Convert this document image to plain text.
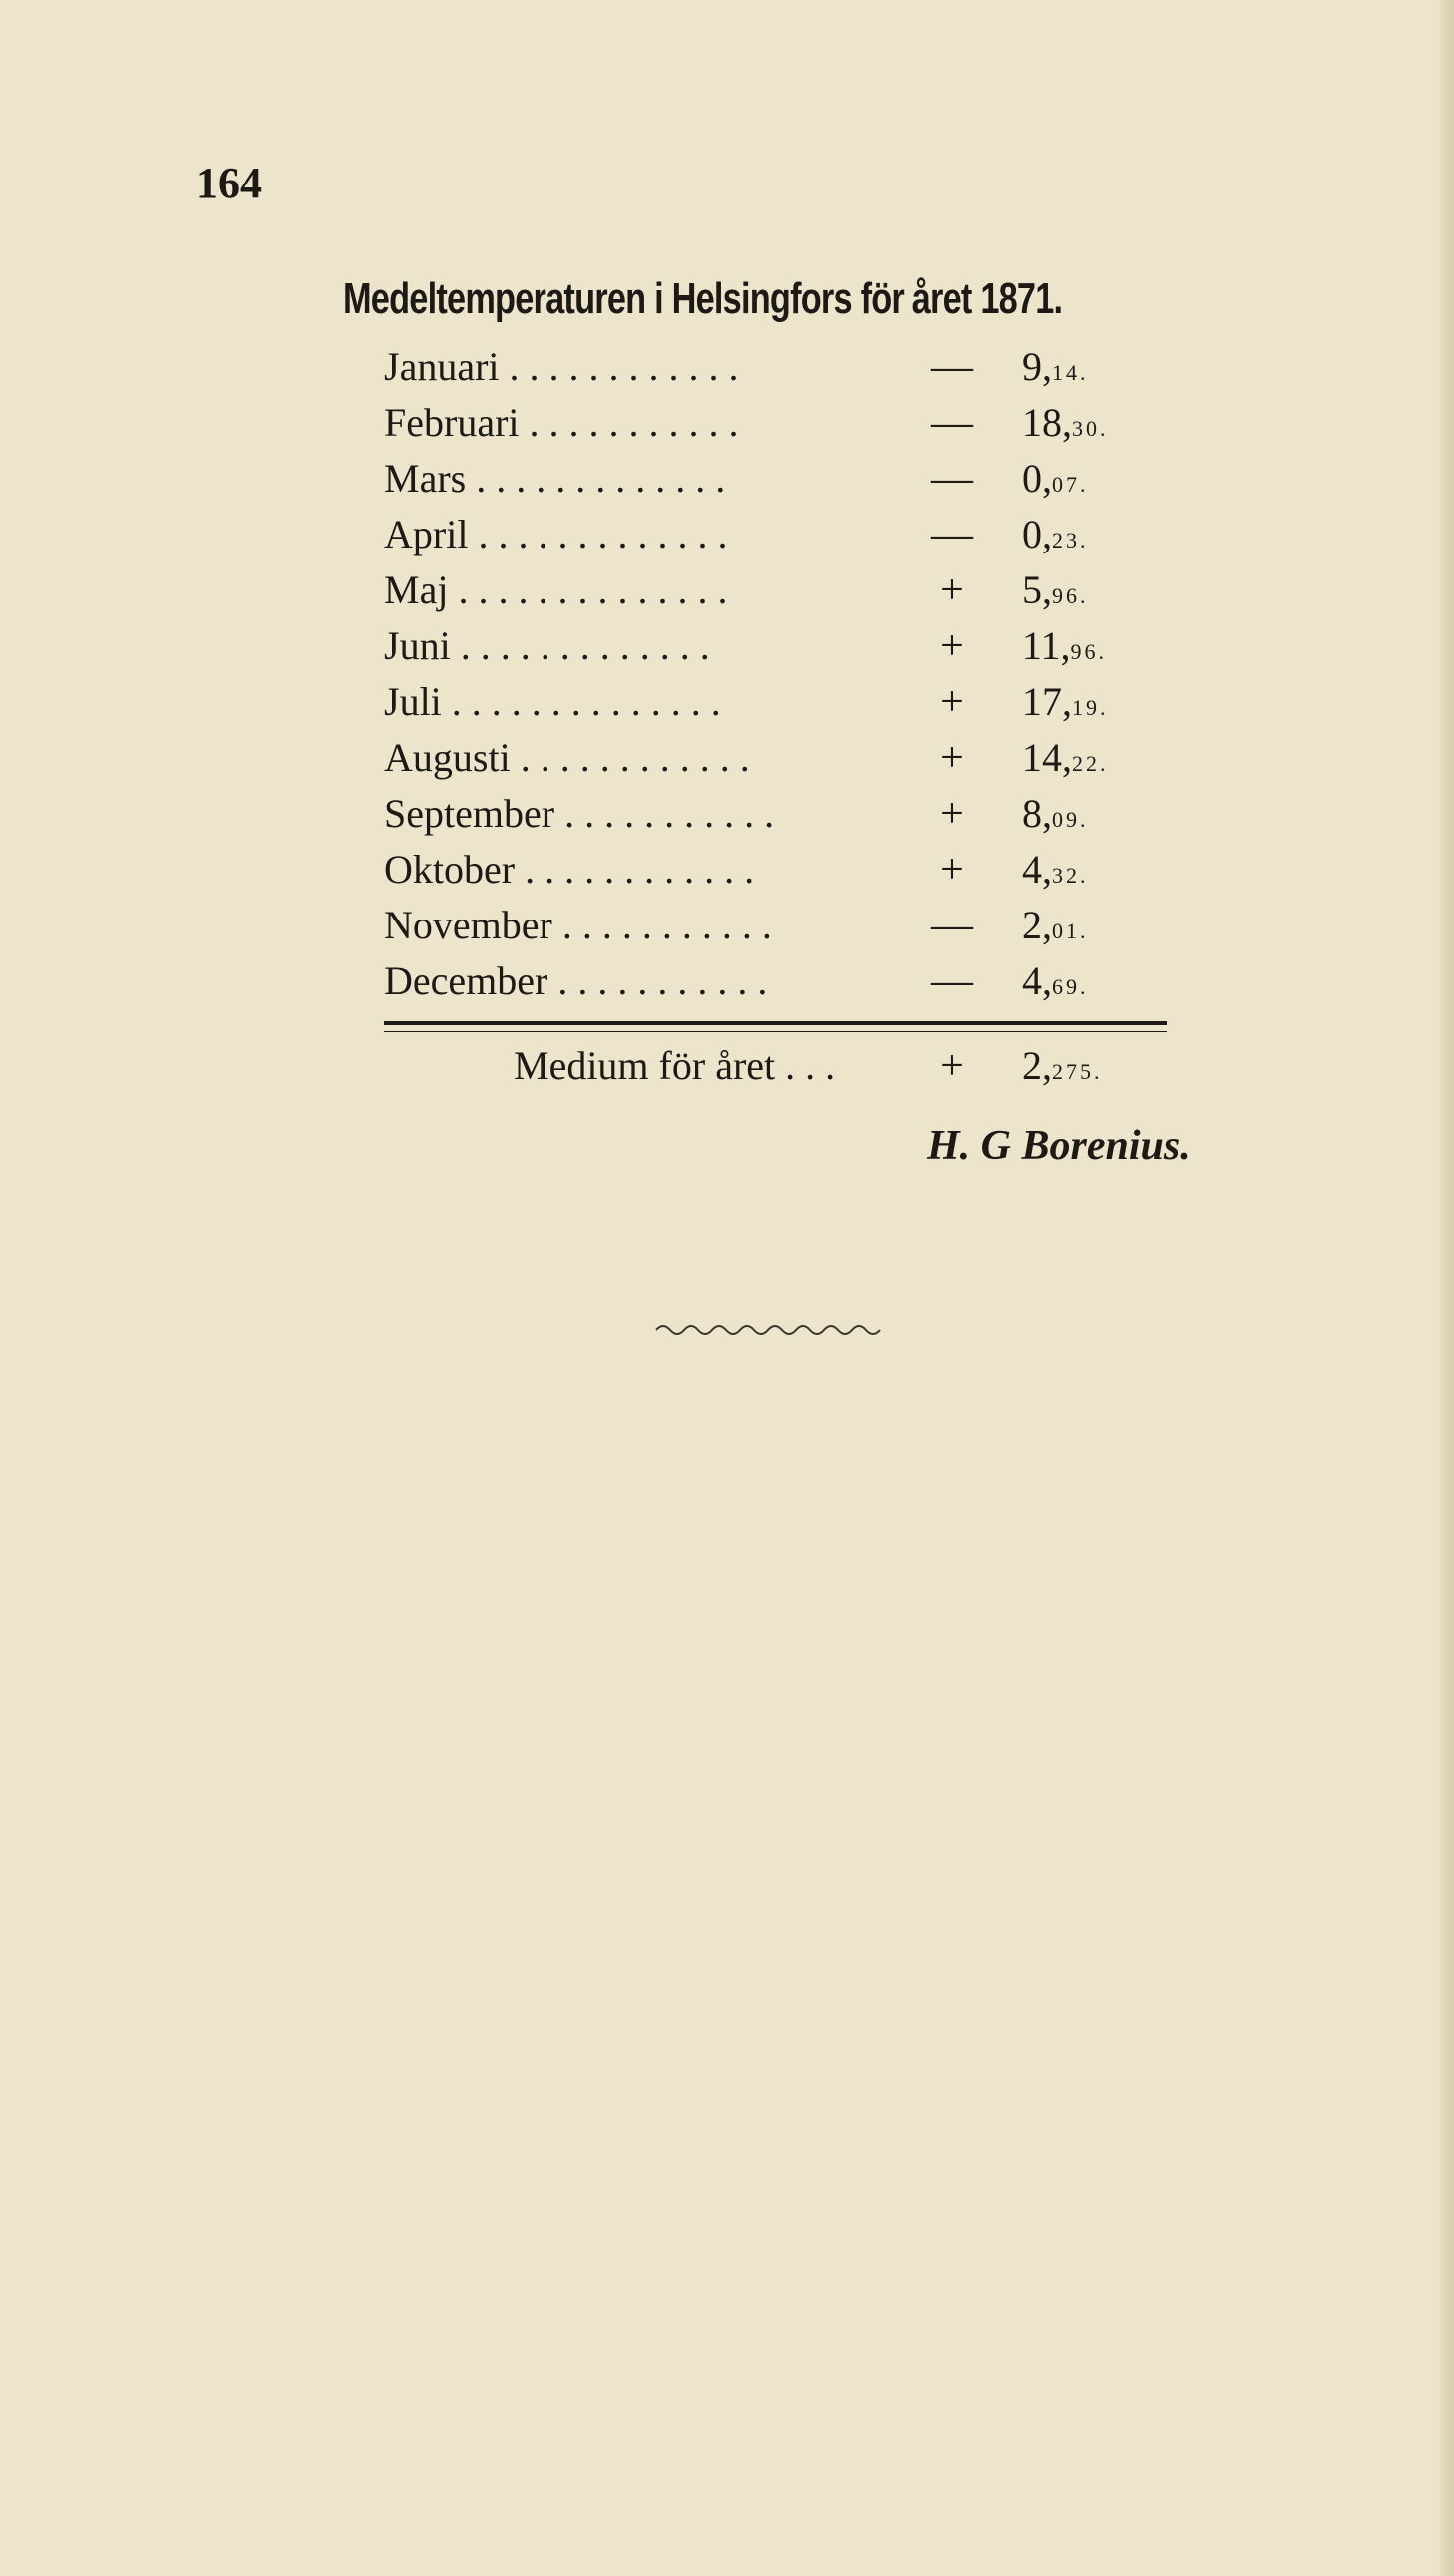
164
Medeltemperaturen i Helsingfors för året 1871.
Januari . . . . . . . . . . . .	— 9,14.
Februari . . . . . . . . . . .	— 18,30.
Mars . . . . . . . . . . . . .	— 0,07.
April . . . . . . . . . . . . .	— 0,23.
Maj . . . . . . . . . . . . . .	+	5,96.
Juni . . . . . . . . . . . . .	+	11,96.
Juli . . . . . . . . . . . . . .	+	17,19.
Augusti . . . . . . . . . . . .	+	14,22.
September . . . . . . . . . . .	+	8,09.
Oktober . . . . . . . . . . . .	+	4,32.
November . . . . . . . . . . .	— 2,01.
December . . . . . . . . . . .	— 4,69.
Medium för året . . .	+	2,275.
H. G Borenius.
